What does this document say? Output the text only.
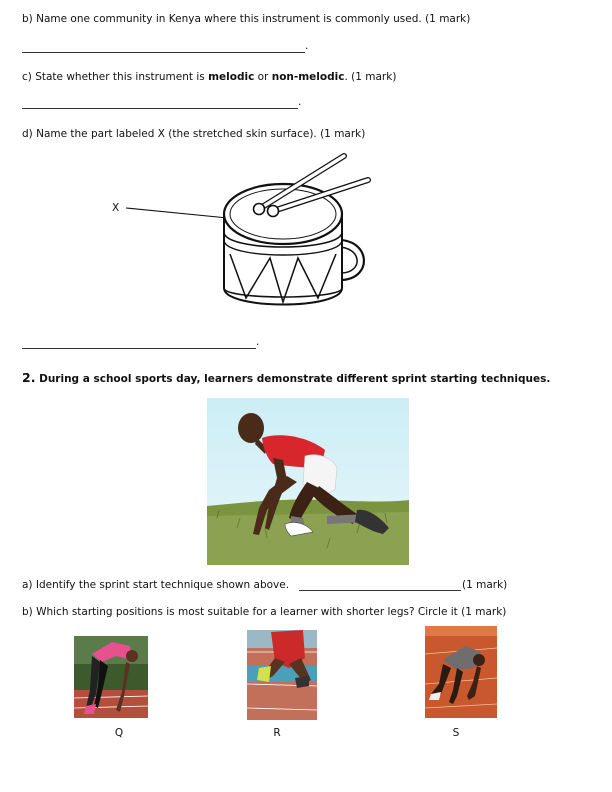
b) Name one community in Kenya where this instrument is commonly used. (1 mark)
.
c) State whether this instrument is melodic or non-melodic. (1 mark)
.
d) Name the part labeled X (the stretched skin surface). (1 mark)
X
.
2. During a school sports day, learners demonstrate different sprint starting techniques.
a) Identify the sprint start technique shown above.	(1 mark)
b) Which starting positions is most suitable for a learner with shorter legs? Circle it (1 mark)
Q	R	S
